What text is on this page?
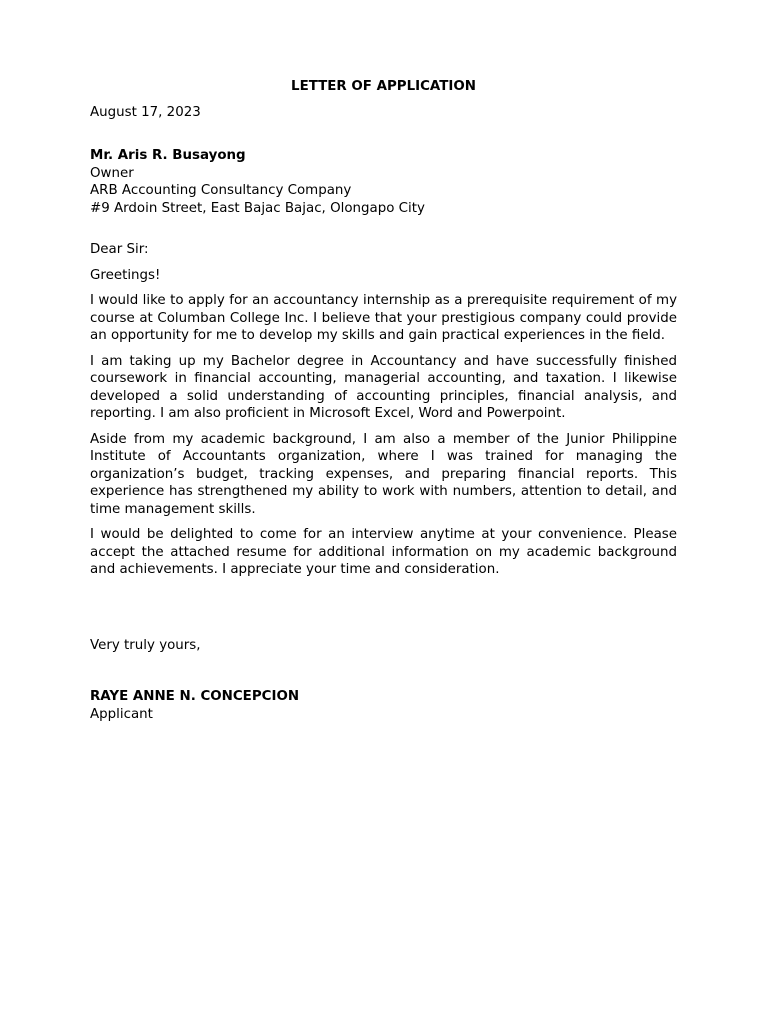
LETTER OF APPLICATION
August 17, 2023
Mr. Aris R. Busayong
Owner
ARB Accounting Consultancy Company
#9 Ardoin Street, East Bajac Bajac, Olongapo City
Dear Sir:
Greetings!

I would like to apply for an accountancy internship as a prerequisite requirement of my course at Columban College Inc. I believe that your prestigious company could provide an opportunity for me to develop my skills and gain practical experiences in the field.

I am taking up my Bachelor degree in Accountancy and have successfully finished coursework in financial accounting, managerial accounting, and taxation. I likewise developed a solid understanding of accounting principles, financial analysis, and reporting. I am also proficient in Microsoft Excel, Word and Powerpoint.

Aside from my academic background, I am also a member of the Junior Philippine Institute of Accountants organization, where I was trained for managing the organization’s budget, tracking expenses, and preparing financial reports. This experience has strengthened my ability to work with numbers, attention to detail, and time management skills.

I would be delighted to come for an interview anytime at your convenience. Please accept the attached resume for additional information on my academic background and achievements. I appreciate your time and consideration.

Very truly yours,
RAYE ANNE N. CONCEPCION
Applicant
